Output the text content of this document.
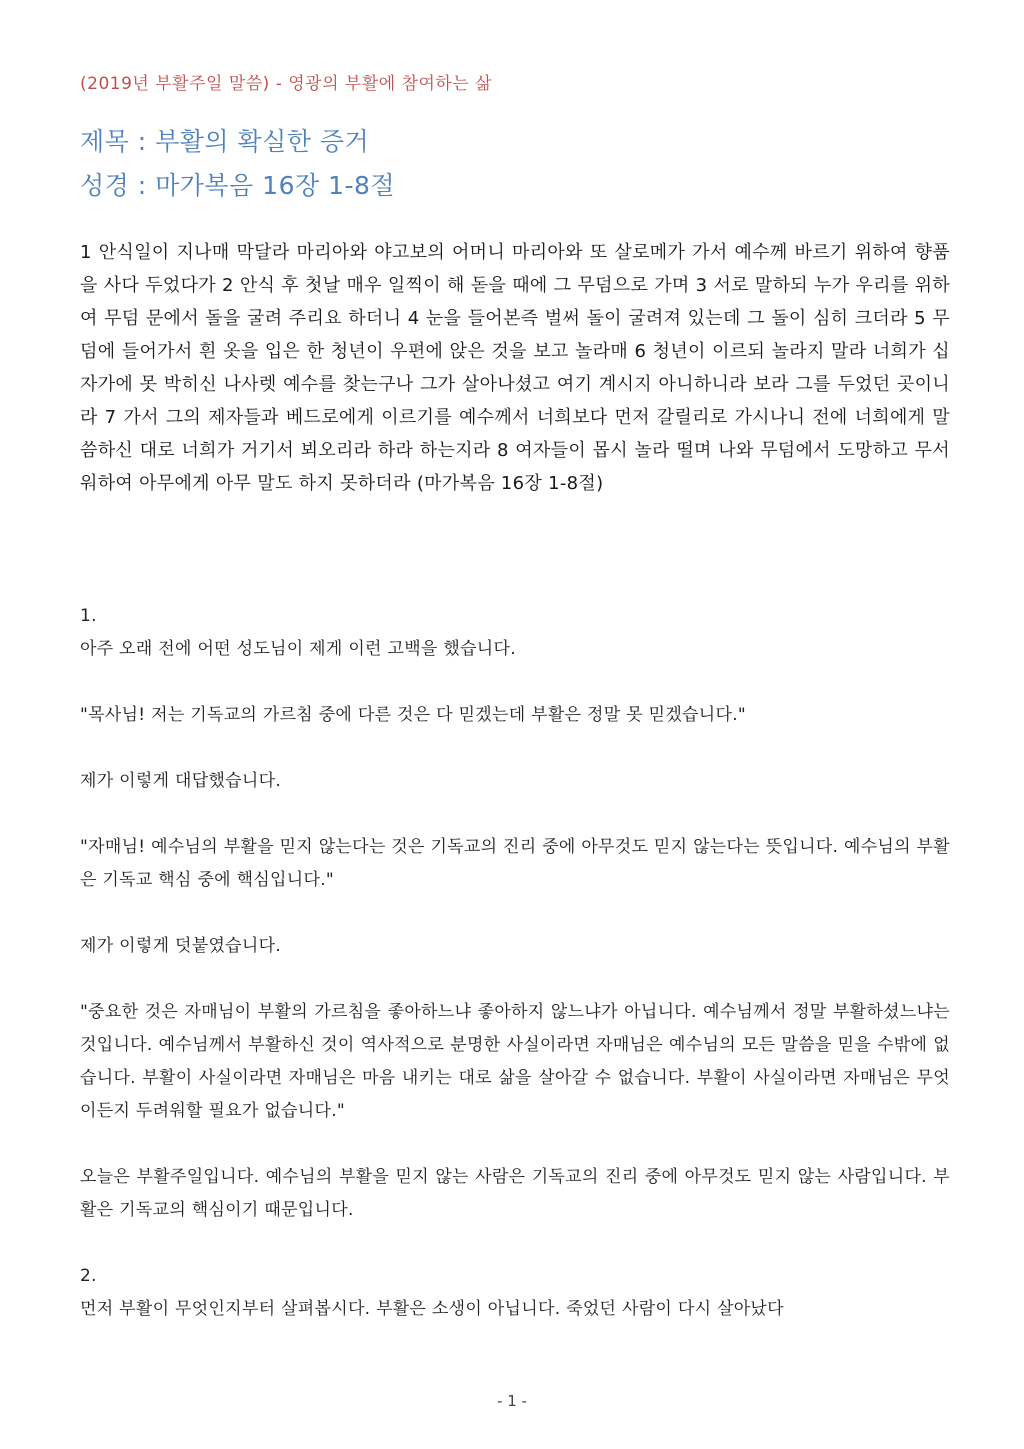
(2019년 부활주일 말씀) - 영광의 부활에 참여하는 삶
제목 : 부활의 확실한 증거
성경 : 마가복음 16장 1-8절
1 안식일이 지나매 막달라 마리아와 야고보의 어머니 마리아와 또 살로메가 가서 예수께 바르기 위하여 향품을 사다 두었다가 2 안식 후 첫날 매우 일찍이 해 돋을 때에 그 무덤으로 가며 3 서로 말하되 누가 우리를 위하여 무덤 문에서 돌을 굴려 주리요 하더니 4 눈을 들어본즉 벌써 돌이 굴려져 있는데 그 돌이 심히 크더라 5 무덤에 들어가서 흰 옷을 입은 한 청년이 우편에 앉은 것을 보고 놀라매 6 청년이 이르되 놀라지 말라 너희가 십자가에 못 박히신 나사렛 예수를 찾는구나 그가 살아나셨고 여기 계시지 아니하니라 보라 그를 두었던 곳이니라 7 가서 그의 제자들과 베드로에게 이르기를 예수께서 너희보다 먼저 갈릴리로 가시나니 전에 너희에게 말씀하신 대로 너희가 거기서 뵈오리라 하라 하는지라 8 여자들이 몹시 놀라 떨며 나와 무덤에서 도망하고 무서워하여 아무에게 아무 말도 하지 못하더라 (마가복음 16장 1-8절)

1.

아주 오래 전에 어떤 성도님이 제게 이런 고백을 했습니다.

"목사님! 저는 기독교의 가르침 중에 다른 것은 다 믿겠는데 부활은 정말 못 믿겠습니다."

제가 이렇게 대답했습니다.

"자매님! 예수님의 부활을 믿지 않는다는 것은 기독교의 진리 중에 아무것도 믿지 않는다는 뜻입니다. 예수님의 부활은 기독교 핵심 중에 핵심입니다."

제가 이렇게 덧붙였습니다.

"중요한 것은 자매님이 부활의 가르침을 좋아하느냐 좋아하지 않느냐가 아닙니다. 예수님께서 정말 부활하셨느냐는 것입니다. 예수님께서 부활하신 것이 역사적으로 분명한 사실이라면 자매님은 예수님의 모든 말씀을 믿을 수밖에 없습니다. 부활이 사실이라면 자매님은 마음 내키는 대로 삶을 살아갈 수 없습니다. 부활이 사실이라면 자매님은 무엇이든지 두려워할 필요가 없습니다."

오늘은 부활주일입니다. 예수님의 부활을 믿지 않는 사람은 기독교의 진리 중에 아무것도 믿지 않는 사람입니다. 부활은 기독교의 핵심이기 때문입니다.

2.

먼저 부활이 무엇인지부터 살펴봅시다. 부활은 소생이 아닙니다. 죽었던 사람이 다시 살아났다

- 1 -
